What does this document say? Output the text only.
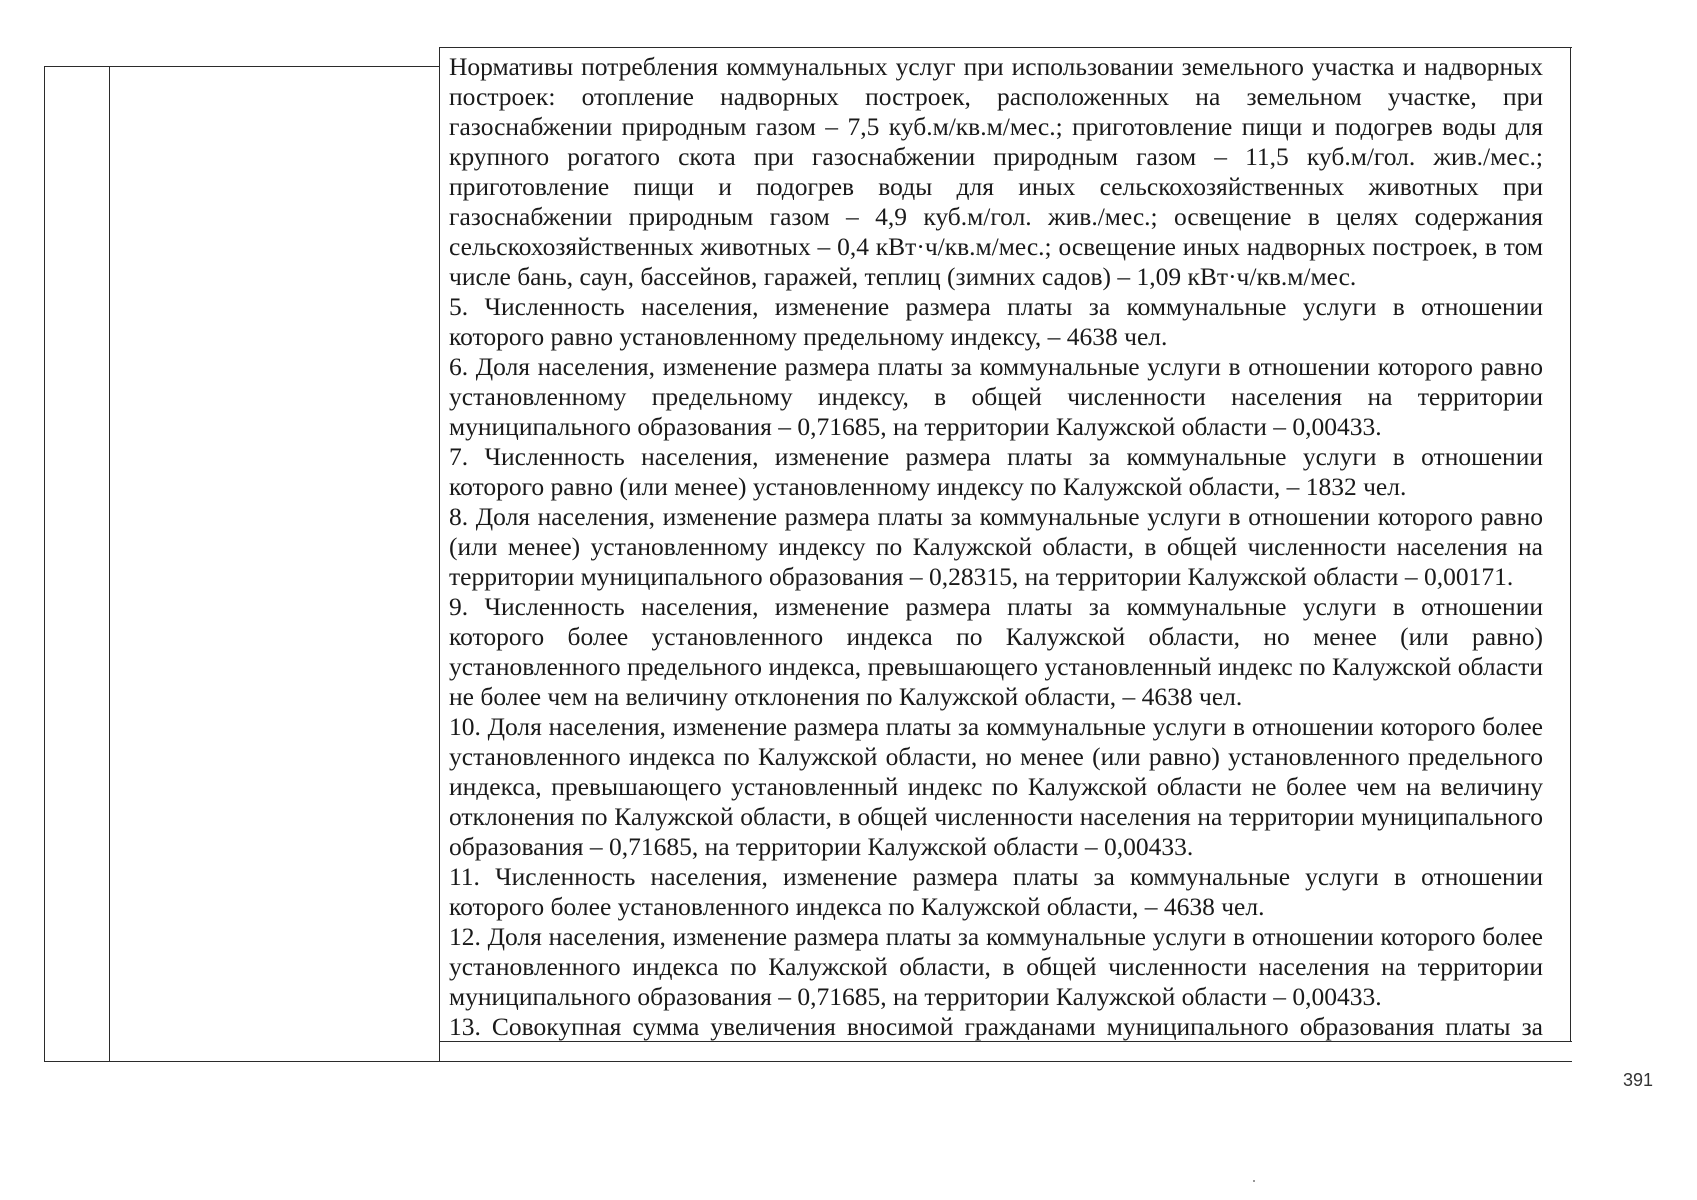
Нормативы потребления коммунальных услуг при использовании земельного участка и надворных построек: отопление надворных построек, расположенных на земельном участке, при газоснабжении природным газом – 7,5 куб.м/кв.м/мес.; приготовление пищи и подогрев воды для крупного рогатого скота при газоснабжении природным газом – 11,5 куб.м/гол. жив./мес.; приготовление пищи и подогрев воды для иных сельскохозяйственных животных при газоснабжении природным газом – 4,9 куб.м/гол. жив./мес.; освещение в целях содержания сельскохозяйственных животных – 0,4 кВт·ч/кв.м/мес.; освещение иных надворных построек, в том числе бань, саун, бассейнов, гаражей, теплиц (зимних садов) – 1,09 кВт·ч/кв.м/мес.

5. Численность населения, изменение размера платы за коммунальные услуги в отношении которого равно установленному предельному индексу, – 4638 чел.

6. Доля населения, изменение размера платы за коммунальные услуги в отношении которого равно установленному предельному индексу, в общей численности населения на территории муниципального образования – 0,71685, на территории Калужской области – 0,00433.

7. Численность населения, изменение размера платы за коммунальные услуги в отношении которого равно (или менее) установленному индексу по Калужской области, – 1832 чел.

8. Доля населения, изменение размера платы за коммунальные услуги в отношении которого равно (или менее) установленному индексу по Калужской области, в общей численности населения на территории муниципального образования – 0,28315, на территории Калужской области – 0,00171.

9. Численность населения, изменение размера платы за коммунальные услуги в отношении которого более установленного индекса по Калужской области, но менее (или равно) установленного предельного индекса, превышающего установленный индекс по Калужской области не более чем на величину отклонения по Калужской области, – 4638 чел.

10. Доля населения, изменение размера платы за коммунальные услуги в отношении которого более установленного индекса по Калужской области, но менее (или равно) установленного предельного индекса, превышающего установленный индекс по Калужской области не более чем на величину отклонения по Калужской области, в общей численности населения на территории муниципального образования – 0,71685, на территории Калужской области – 0,00433.

11. Численность населения, изменение размера платы за коммунальные услуги в отношении которого более установленного индекса по Калужской области, – 4638 чел.

12. Доля населения, изменение размера платы за коммунальные услуги в отношении которого более установленного индекса по Калужской области, в общей численности населения на территории муниципального образования – 0,71685, на территории Калужской области – 0,00433.

13. Совокупная сумма увеличения вносимой гражданами муниципального образования платы за

391
